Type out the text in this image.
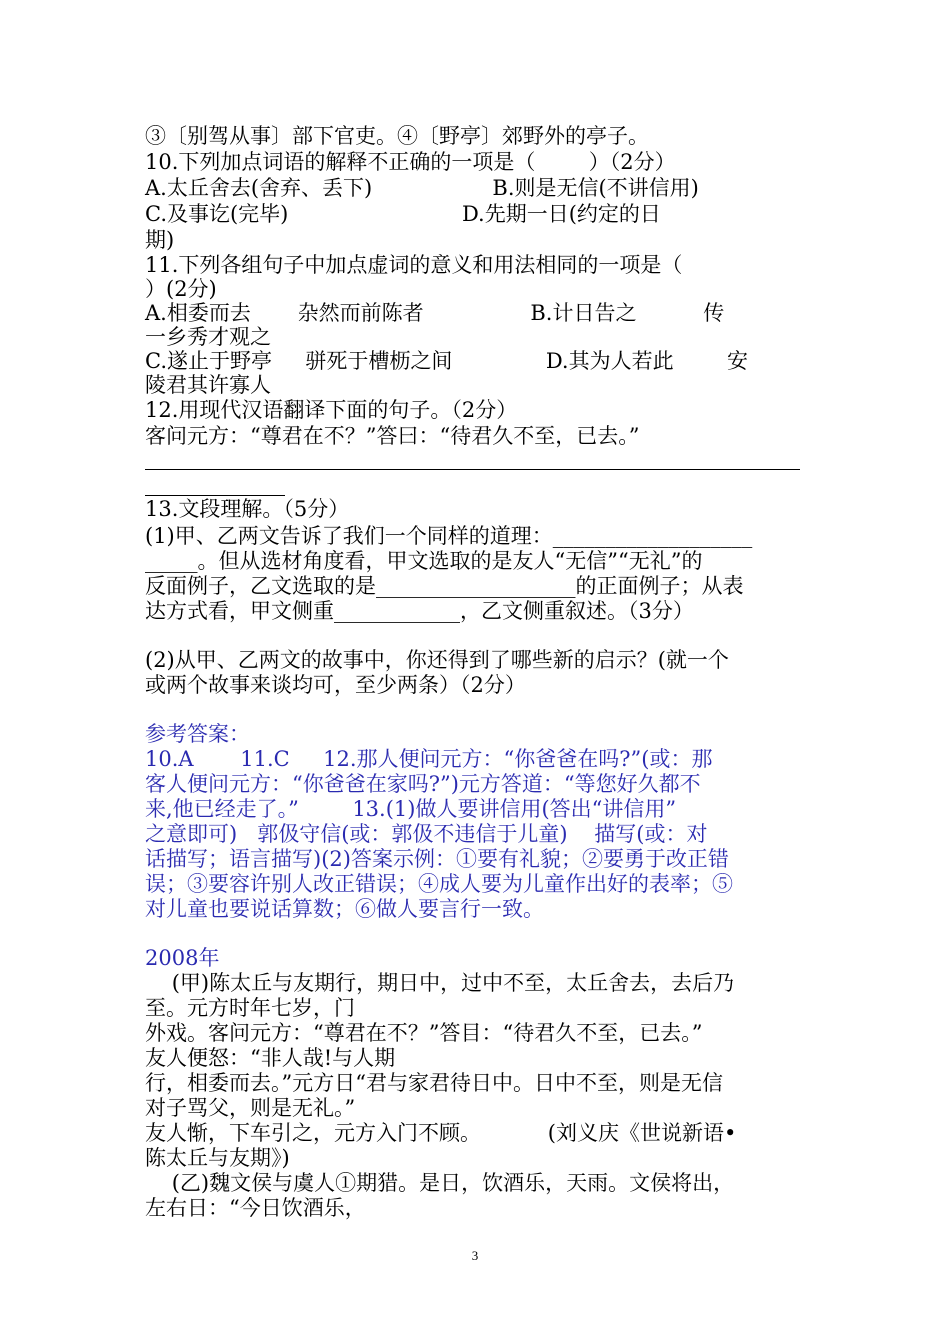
③〔别驾从事〕部下官吏。④〔野亭〕郊野外的亭子。
10.下列加点词语的解释不正确的一项是（        ）（2分）
A.太丘舍去(舍弃、丢下)                  B.则是无信(不讲信用)
C.及事讫(完毕)                          D.先期一日(约定的日
期)
11.下列各组句子中加点虚词的意义和用法相同的一项是（
）(2分)
A.相委而去       杂然而前陈者                B.计日告之          传
一乡秀才观之
C.遂止于野亭     骈死于槽枥之间              D.其为人若此        安
陵君其许寡人
12.用现代汉语翻译下面的句子。（2分）
客问元方：“尊君在不？”答曰：“待君久不至，已去。”
13.文段理解。（5分）
(1)甲、乙两文告诉了我们一个同样的道理：___________________
_____。但从选材角度看，甲文选取的是友人“无信”“无礼”的
反面例子，乙文选取的是___________________的正面例子；从表
达方式看，甲文侧重____________，乙文侧重叙述。（3分）
(2)从甲、乙两文的故事中，你还得到了哪些新的启示？(就一个
或两个故事来谈均可，至少两条）（2分）
参考答案：
10.A       11.C     12.那人便问元方：“你爸爸在吗?”(或：那
客人便问元方：“你爸爸在家吗?”)元方答道：“等您好久都不
来,他已经走了。”        13.(1)做人要讲信用(答出“讲信用”
之意即可)   郭伋守信(或：郭伋不违信于儿童)    描写(或：对
话描写；语言描写)(2)答案示例：①要有礼貌；②要勇于改正错
误；③要容许别人改正错误；④成人要为儿童作出好的表率；⑤
对儿童也要说话算数；⑥做人要言行一致。
2008年
(甲)陈太丘与友期行，期日中，过中不至，太丘舍去，去后乃
至。元方时年七岁，门
外戏。客问元方：“尊君在不？”答目：“待君久不至，已去。”
友人便怒：“非人哉!与人期
行，相委而去。”元方日“君与家君待日中。日中不至，则是无信
对子骂父，则是无礼。”
友人惭，下车引之，元方入门不顾。          (刘义庆《世说新语•
陈太丘与友期》)
(乙)魏文侯与虞人①期猎。是日，饮酒乐，天雨。文侯将出，
左右日：“今日饮酒乐，
3
